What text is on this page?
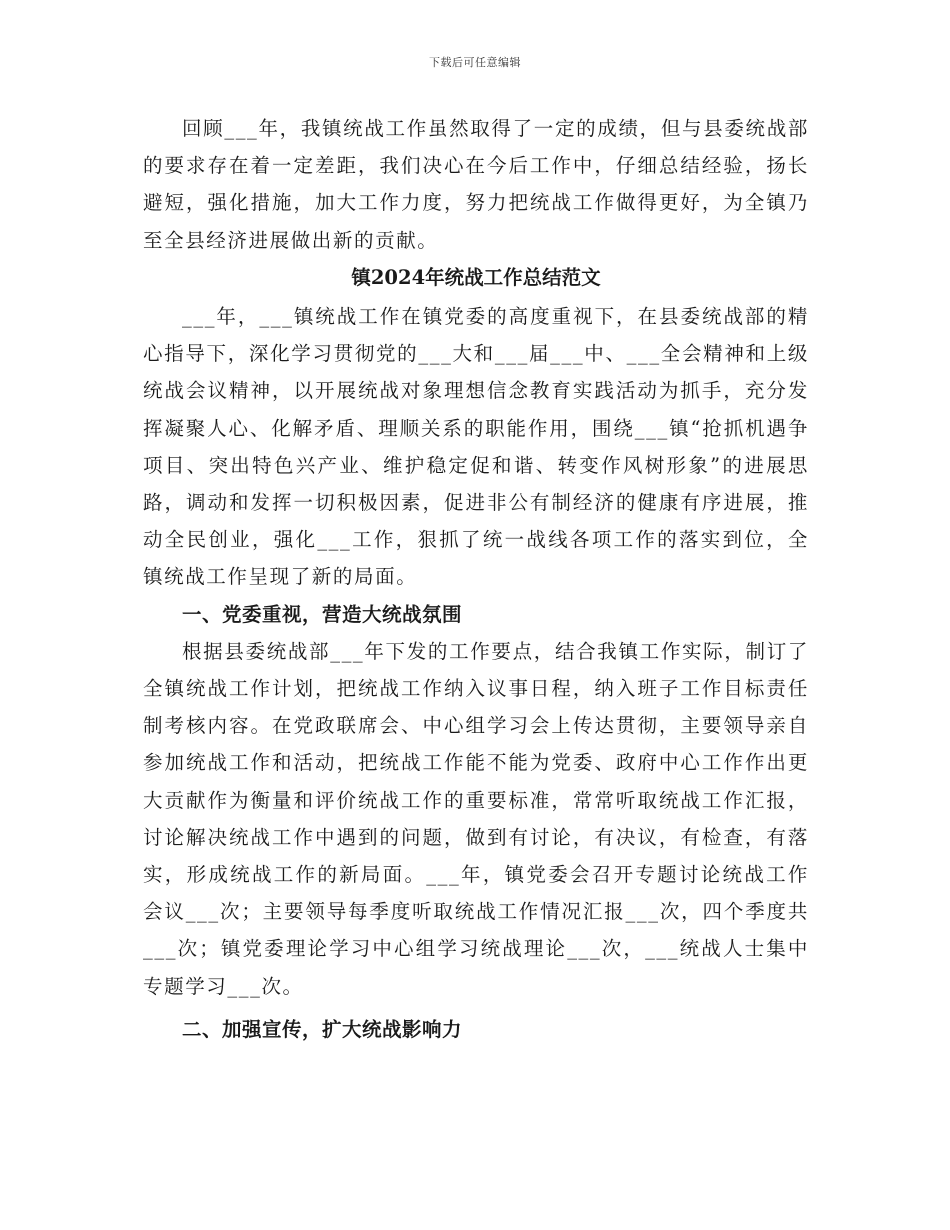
下载后可任意编辑

回顾___年，我镇统战工作虽然取得了一定的成绩，但与县委统战部的要求存在着一定差距，我们决心在今后工作中，仔细总结经验，扬长避短，强化措施，加大工作力度，努力把统战工作做得更好，为全镇乃至全县经济进展做出新的贡献。

镇2024年统战工作总结范文

___年，___镇统战工作在镇党委的高度重视下，在县委统战部的精心指导下，深化学习贯彻党的___大和___届___中、___全会精神和上级统战会议精神，以开展统战对象理想信念教育实践活动为抓手，充分发挥凝聚人心、化解矛盾、理顺关系的职能作用，围绕___镇“抢抓机遇争项目、突出特色兴产业、维护稳定促和谐、转变作风树形象”的进展思路，调动和发挥一切积极因素，促进非公有制经济的健康有序进展，推动全民创业，强化___工作，狠抓了统一战线各项工作的落实到位，全镇统战工作呈现了新的局面。

一、党委重视，营造大统战氛围

根据县委统战部___年下发的工作要点，结合我镇工作实际，制订了全镇统战工作计划，把统战工作纳入议事日程，纳入班子工作目标责任制考核内容。在党政联席会、中心组学习会上传达贯彻，主要领导亲自参加统战工作和活动，把统战工作能不能为党委、政府中心工作作出更大贡献作为衡量和评价统战工作的重要标准，常常听取统战工作汇报，讨论解决统战工作中遇到的问题，做到有讨论，有决议，有检查，有落实，形成统战工作的新局面。___年，镇党委会召开专题讨论统战工作会议___次；主要领导每季度听取统战工作情况汇报___次，四个季度共___次；镇党委理论学习中心组学习统战理论___次，___统战人士集中专题学习___次。

二、加强宣传，扩大统战影响力
